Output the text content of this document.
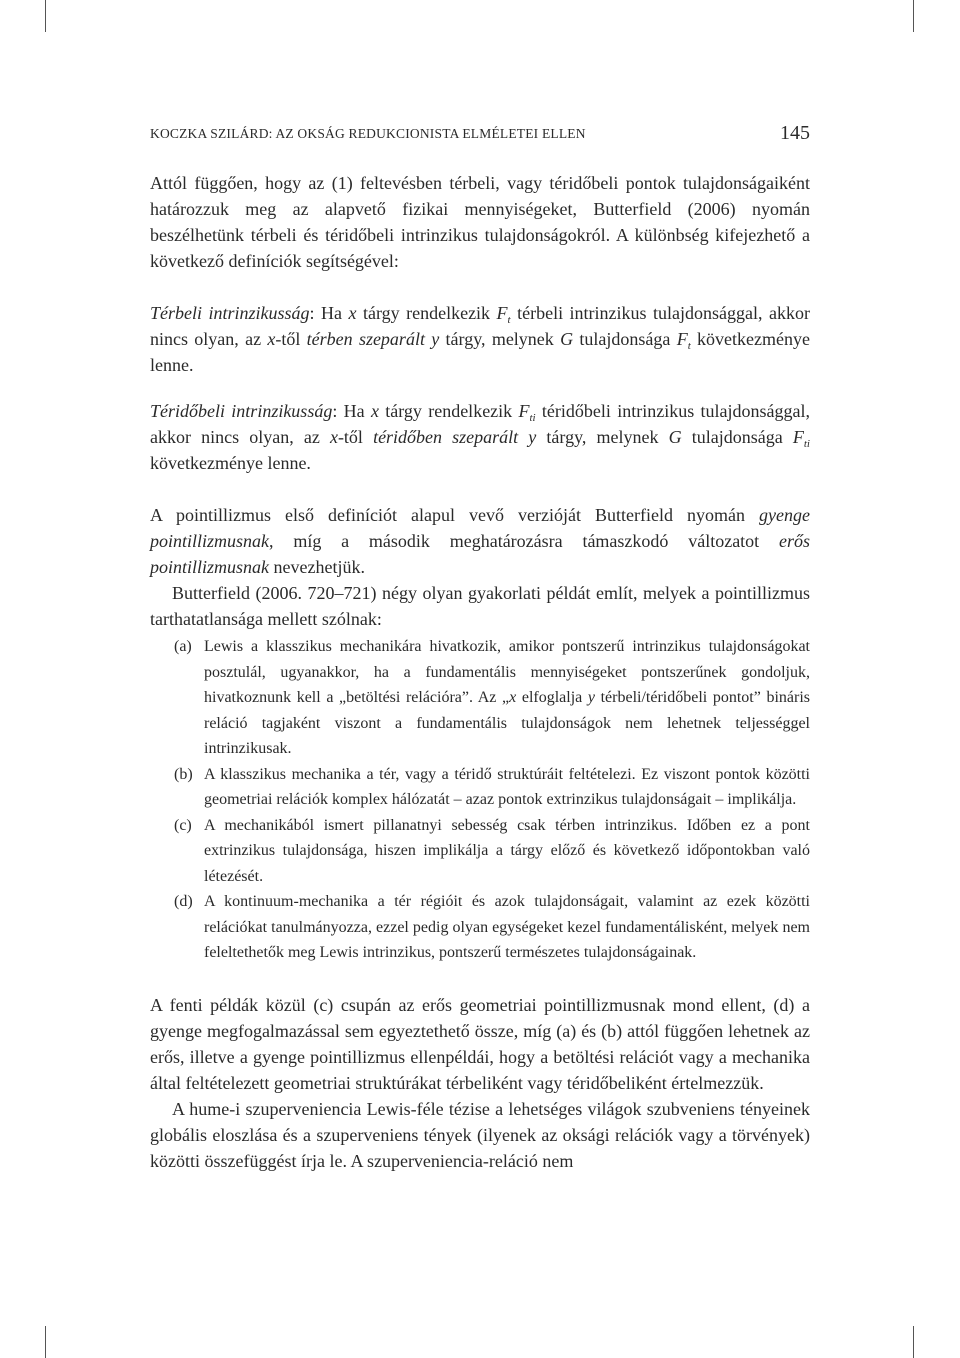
KOCZKA SZILÁRD: AZ OKSÁG REDUKCIONISTA ELMÉLETEI ELLEN	145

Attól függően, hogy az (1) feltevésben térbeli, vagy téridőbeli pontok tulajdonságaiként határozzuk meg az alapvető fizikai mennyiségeket, Butterfield (2006) nyomán beszélhetünk térbeli és téridőbeli intrinzikus tulajdonságokról. A különbség kifejezhető a következő definíciók segítségével:

Térbeli intrinzikusság: Ha x tárgy rendelkezik $F_t$ térbeli intrinzikus tulajdonsággal, akkor nincs olyan, az x-től térben szeparált y tárgy, melynek G tulajdonsága $F_t$ következménye lenne.

Téridőbeli intrinzikusság: Ha x tárgy rendelkezik $F_{ti}$ téridőbeli intrinzikus tulajdonsággal, akkor nincs olyan, az x-től téridőben szeparált y tárgy, melynek G tulajdonsága $F_{ti}$ következménye lenne.

A pointillizmus első definíciót alapul vevő verzióját Butterfield nyomán gyenge pointillizmusnak, míg a második meghatározásra támaszkodó változatot erős pointillizmusnak nevezhetjük.

Butterfield (2006. 720–721) négy olyan gyakorlati példát említ, melyek a pointillizmus tarthatatlansága mellett szólnak:

(a) Lewis a klasszikus mechanikára hivatkozik, amikor pontszerű intrinzikus tulajdonságokat posztulál, ugyanakkor, ha a fundamentális mennyiségeket pontszerűnek gondoljuk, hivatkoznunk kell a „betöltési relációra”. Az „x elfoglalja y térbeli/téridőbeli pontot” bináris reláció tagjaként viszont a fundamentális tulajdonságok nem lehetnek teljességgel intrinzikusak.
(b) A klasszikus mechanika a tér, vagy a téridő struktúráit feltételezi. Ez viszont pontok közötti geometriai relációk komplex hálózatát – azaz pontok extrinzikus tulajdonságait – implikálja.
(c) A mechanikából ismert pillanatnyi sebesség csak térben intrinzikus. Időben ez a pont extrinzikus tulajdonsága, hiszen implikálja a tárgy előző és következő időpontokban való létezését.
(d) A kontinuum-mechanika a tér régióit és azok tulajdonságait, valamint az ezek közötti relációkat tanulmányozza, ezzel pedig olyan egységeket kezel fundamentálisként, melyek nem feleltethetők meg Lewis intrinzikus, pontszerű természetes tulajdonságainak.

A fenti példák közül (c) csupán az erős geometriai pointillizmusnak mond ellent, (d) a gyenge megfogalmazással sem egyeztethető össze, míg (a) és (b) attól függően lehetnek az erős, illetve a gyenge pointillizmus ellenpéldái, hogy a betöltési relációt vagy a mechanika által feltételezett geometriai struktúrákat térbeliként vagy téridőbeliként értelmezzük.

A hume-i szupervenіencia Lewis-féle tézise a lehetséges világok szubveniens tényeinek globális eloszlása és a szuperveniens tények (ilyenek az oksági relációk vagy a törvények) közötti összefüggést írja le. A szupervenіencia-reláció nem
